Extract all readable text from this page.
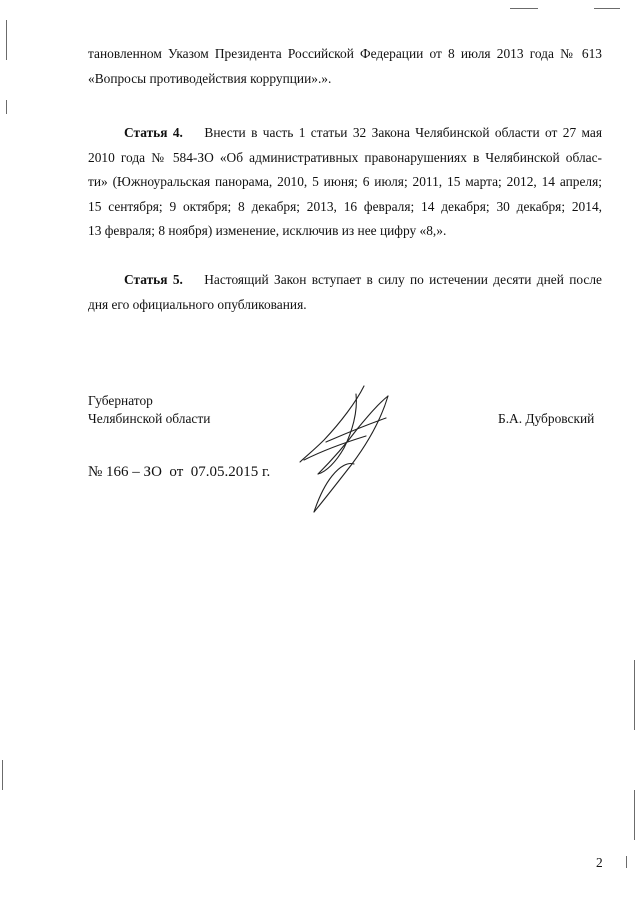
тановленном Указом Президента Российской Федерации от 8 июля 2013 года № 613
«Вопросы противодействия коррупции».».
Статья 4. Внести в часть 1 статьи 32 Закона Челябинской области от 27 мая
2010 года № 584-ЗО «Об административных правонарушениях в Челябинской облас-
ти» (Южноуральская панорама, 2010, 5 июня; 6 июля; 2011, 15 марта; 2012, 14 апреля;
15 сентября; 9 октября; 8 декабря; 2013, 16 февраля; 14 декабря; 30 декабря; 2014,
13 февраля; 8 ноября) изменение, исключив из нее цифру «8,».
Статья 5. Настоящий Закон вступает в силу по истечении десяти дней после
дня его официального опубликования.
Губернатор
Челябинской области	Б.А. Дубровский
№ 166 – ЗО  от  07.05.2015 г.
2
